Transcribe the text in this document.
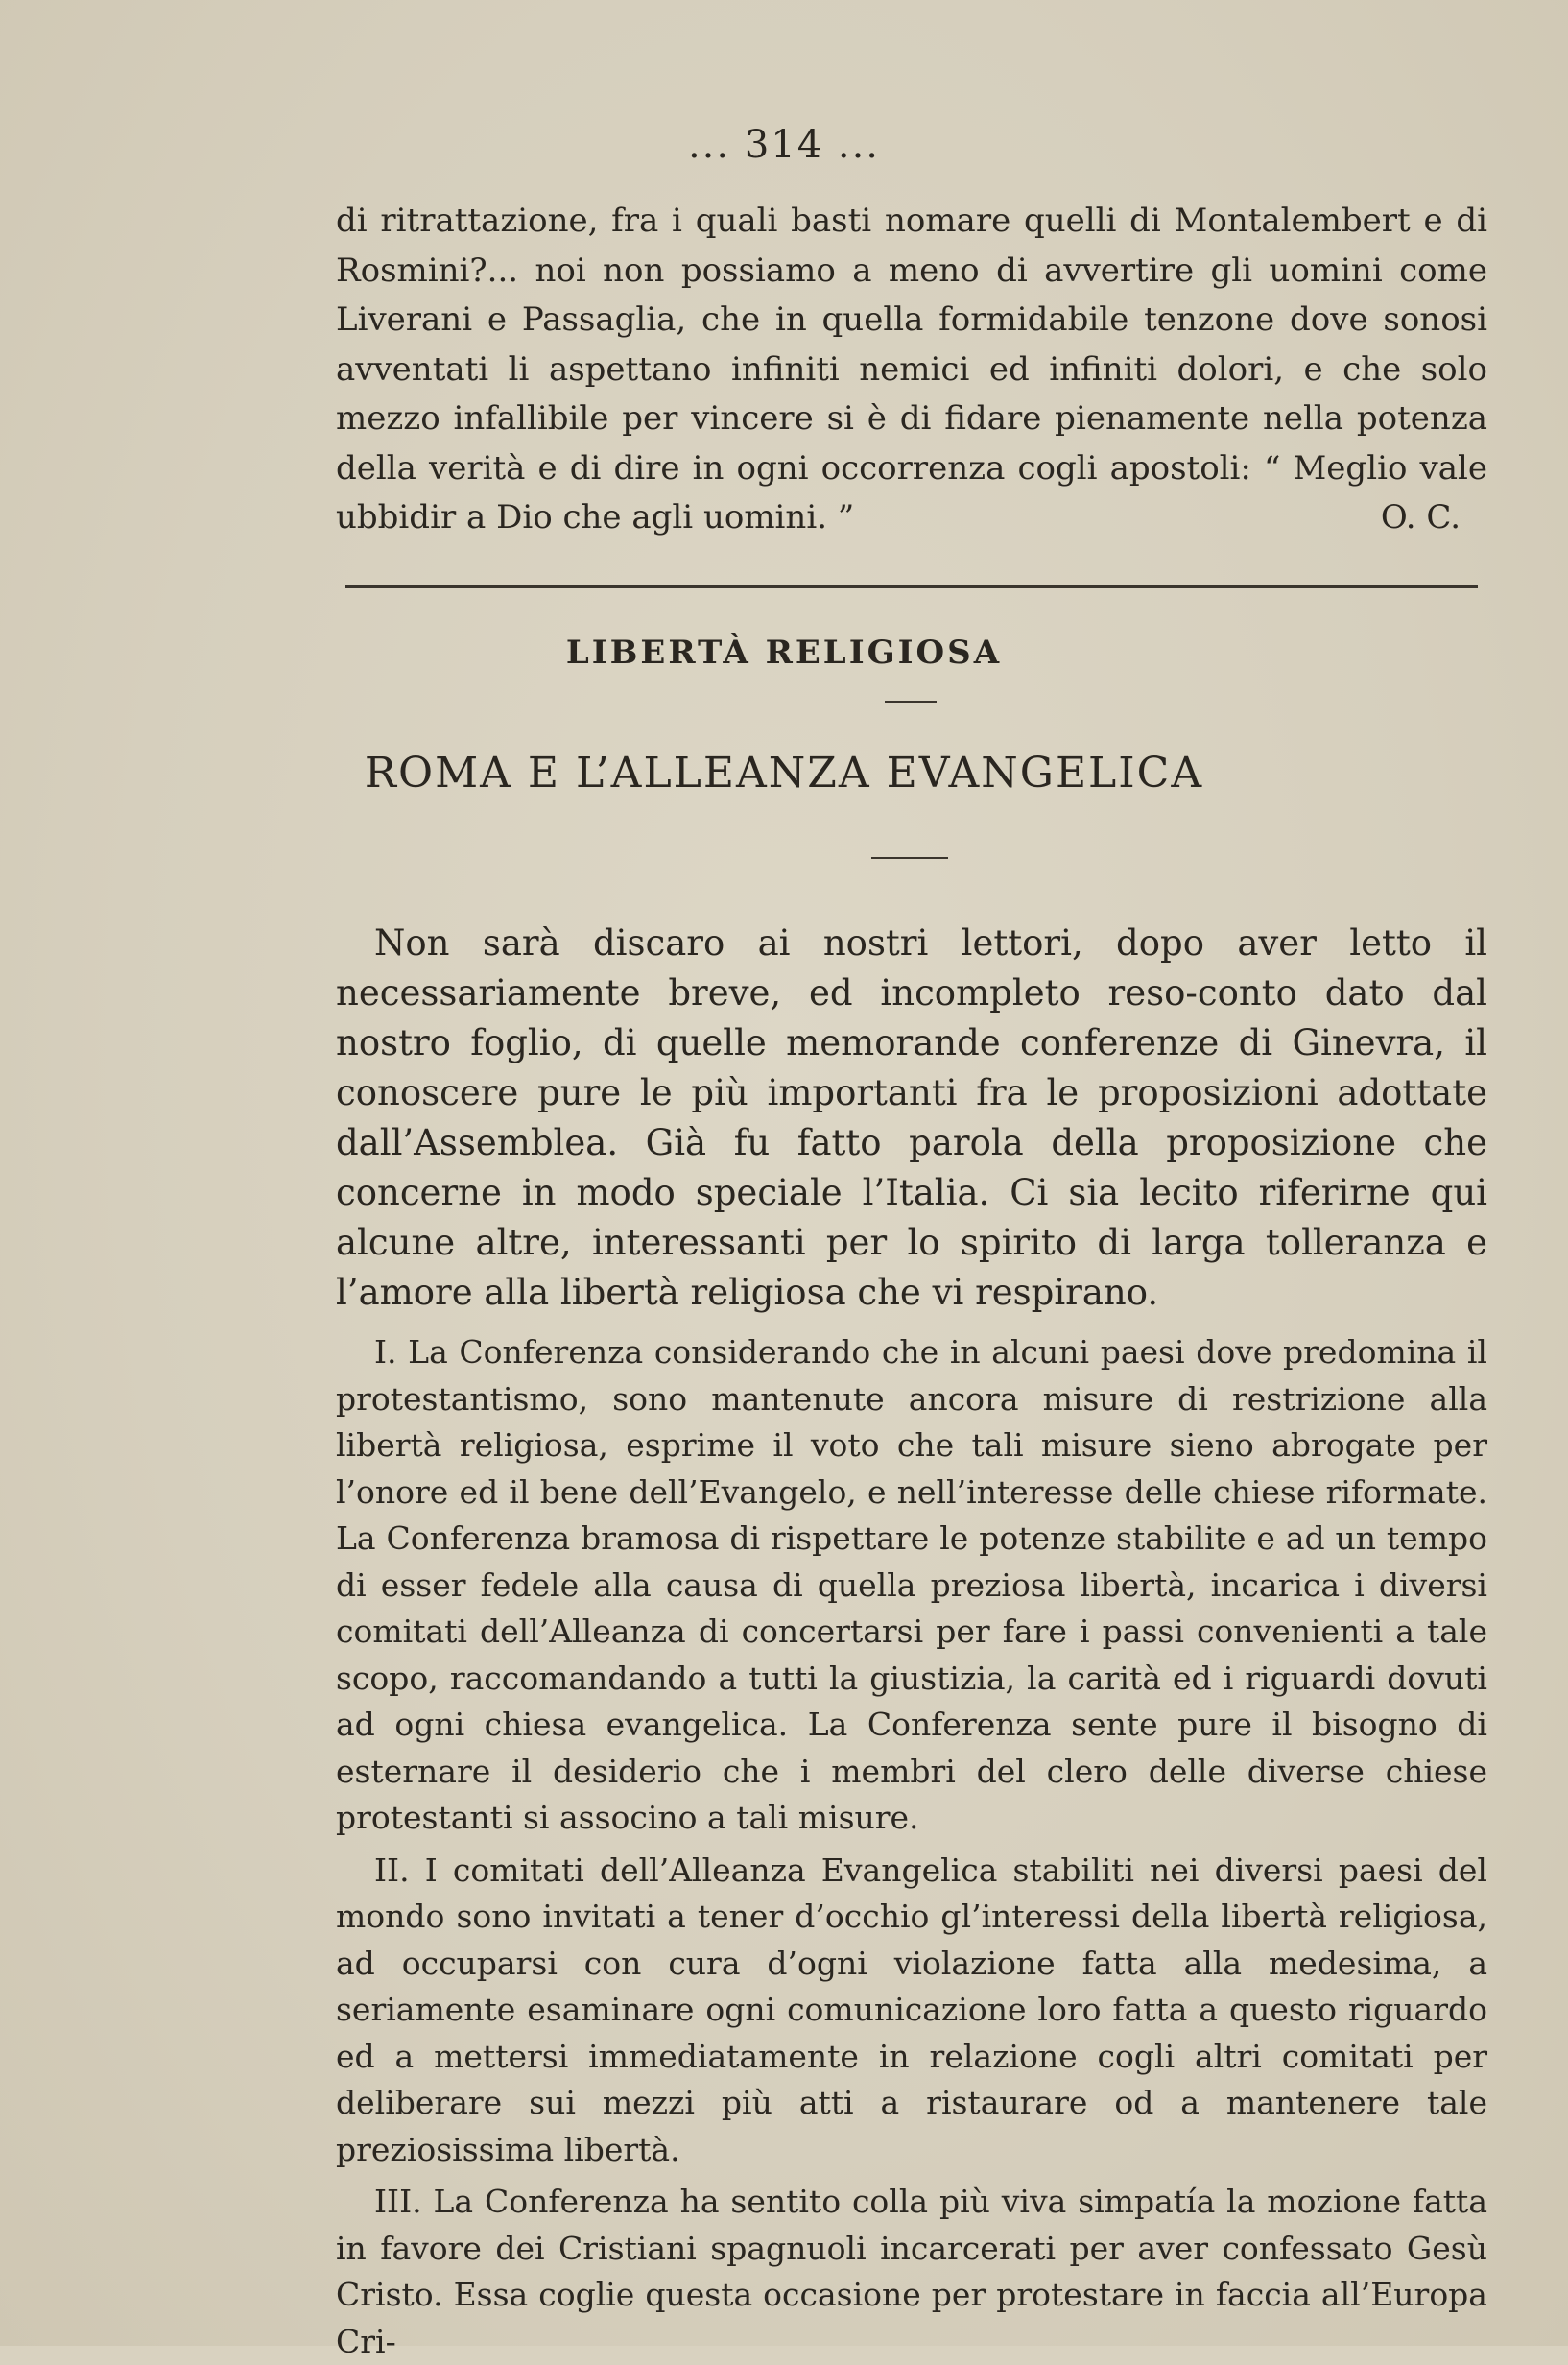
... 314 ...

di ritrattazione, fra i quali basti nomare quelli di Montalembert e di Rosmini?... noi non possiamo a meno di avvertire gli uomini come Liverani e Passaglia, che in quella formidabile tenzone dove sonosi avventati li aspettano infiniti nemici ed infiniti dolori, e che solo mezzo infallibile per vincere si è di fidare pienamente nella potenza della verità e di dire in ogni occorrenza cogli apostoli: “ Meglio vale ubbidir a Dio che agli uomini. ”	O. C.

LIBERTÀ RELIGIOSA
ROMA E L’ALLEANZA EVANGELICA

Non sarà discaro ai nostri lettori, dopo aver letto il necessariamente breve, ed incompleto reso-conto dato dal nostro foglio, di quelle memorande conferenze di Ginevra, il conoscere pure le più importanti fra le proposizioni adottate dall’Assemblea. Già fu fatto parola della proposizione che concerne in modo speciale l’Italia. Ci sia lecito riferirne qui alcune altre, interessanti per lo spirito di larga tolleranza e l’amore alla libertà religiosa che vi respirano.

I. La Conferenza considerando che in alcuni paesi dove predomina il protestantismo, sono mantenute ancora misure di restrizione alla libertà religiosa, esprime il voto che tali misure sieno abrogate per l’onore ed il bene dell’Evangelo, e nell’interesse delle chiese riformate. La Conferenza bramosa di rispettare le potenze stabilite e ad un tempo di esser fedele alla causa di quella preziosa libertà, incarica i diversi comitati dell’Alleanza di concertarsi per fare i passi convenienti a tale scopo, raccomandando a tutti la giustizia, la carità ed i riguardi dovuti ad ogni chiesa evangelica. La Conferenza sente pure il bisogno di esternare il desiderio che i membri del clero delle diverse chiese protestanti si associno a tali misure.

II. I comitati dell’Alleanza Evangelica stabiliti nei diversi paesi del mondo sono invitati a tener d’occhio gl’interessi della libertà religiosa, ad occuparsi con cura d’ogni violazione fatta alla medesima, a seriamente esaminare ogni comunicazione loro fatta a questo riguardo ed a mettersi immediatamente in relazione cogli altri comitati per deliberare sui mezzi più atti a ristaurare od a mantenere tale preziosissima libertà.

III. La Conferenza ha sentito colla più viva simpatía la mozione fatta in favore dei Cristiani spagnuoli incarcerati per aver confessato Gesù Cristo. Essa coglie questa occasione per protestare in faccia all’Europa Cri-
